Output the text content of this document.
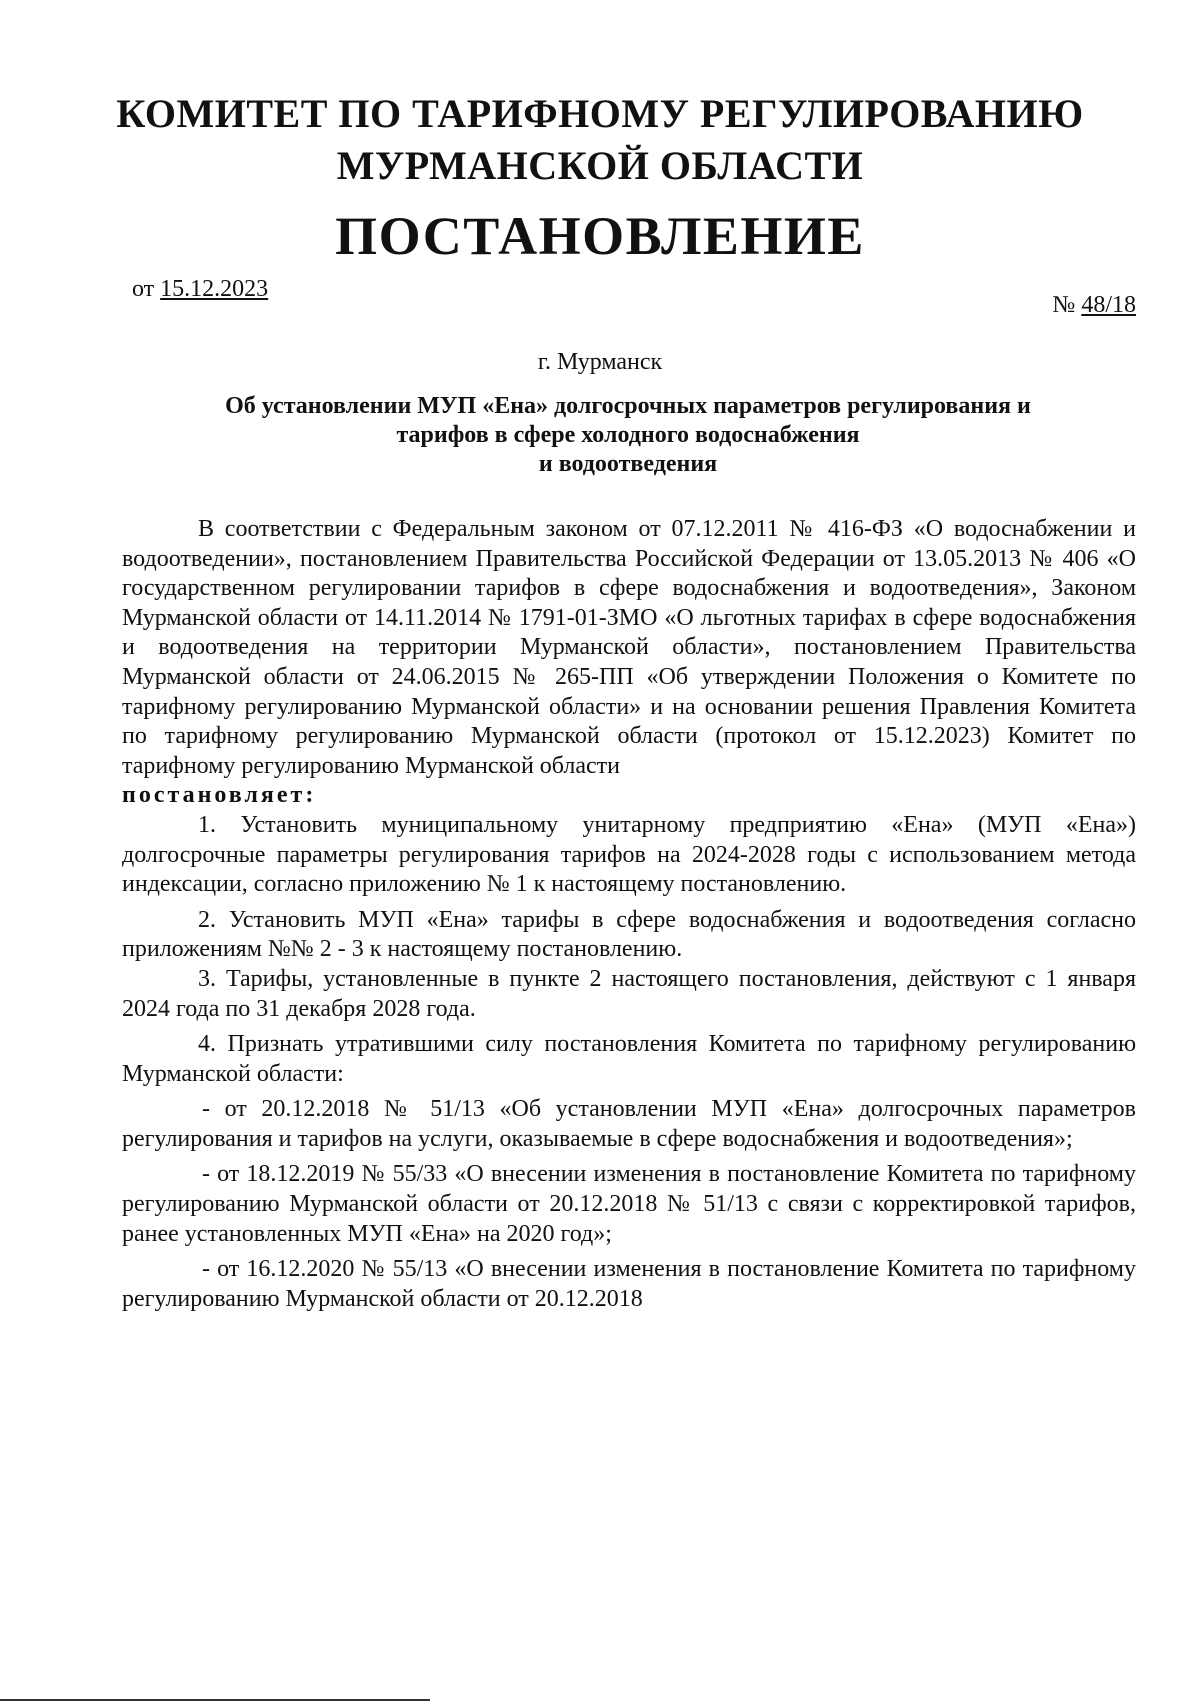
КОМИТЕТ ПО ТАРИФНОМУ РЕГУЛИРОВАНИЮ
МУРМАНСКОЙ ОБЛАСТИ
ПОСТАНОВЛЕНИЕ
от 15.12.2023
№ 48/18
г. Мурманск
Об установлении МУП «Ена» долгосрочных параметров регулирования и
тарифов в сфере холодного водоснабжения
и водоотведения

В соответствии с Федеральным законом от 07.12.2011 № 416-ФЗ «О водоснабжении и водоотведении», постановлением Правительства Российской Федерации от 13.05.2013 № 406 «О государственном регулировании тарифов в сфере водоснабжения и водоотведения», Законом Мурманской области от 14.11.2014 № 1791-01-ЗМО «О льготных тарифах в сфере водоснабжения и водоотведения на территории Мурманской области», постановлением Правительства Мурманской области от 24.06.2015 № 265-ПП «Об утверждении Положения о Комитете по тарифному регулированию Мурманской области» и на основании решения Правления Комитета по тарифному регулированию Мурманской области (протокол от 15.12.2023) Комитет по тарифному регулированию Мурманской области

постановляет:

1. Установить муниципальному унитарному предприятию «Ена» (МУП «Ена») долгосрочные параметры регулирования тарифов на 2024-2028 годы с использованием метода индексации, согласно приложению № 1 к настоящему постановлению.

2. Установить МУП «Ена» тарифы в сфере водоснабжения и водоотведения согласно приложениям №№ 2 - 3 к настоящему постановлению.

3. Тарифы, установленные в пункте 2 настоящего постановления, действуют с 1 января 2024 года по 31 декабря 2028 года.

4. Признать утратившими силу постановления Комитета по тарифному регулированию Мурманской области:

- от 20.12.2018 № 51/13 «Об установлении МУП «Ена» долгосрочных параметров регулирования и тарифов на услуги, оказываемые в сфере водоснабжения и водоотведения»;

- от 18.12.2019 № 55/33 «О внесении изменения в постановление Комитета по тарифному регулированию Мурманской области от 20.12.2018 № 51/13 с связи с корректировкой тарифов, ранее установленных МУП «Ена» на 2020 год»;

- от 16.12.2020 № 55/13 «О внесении изменения в постановление Комитета по тарифному регулированию Мурманской области от 20.12.2018
